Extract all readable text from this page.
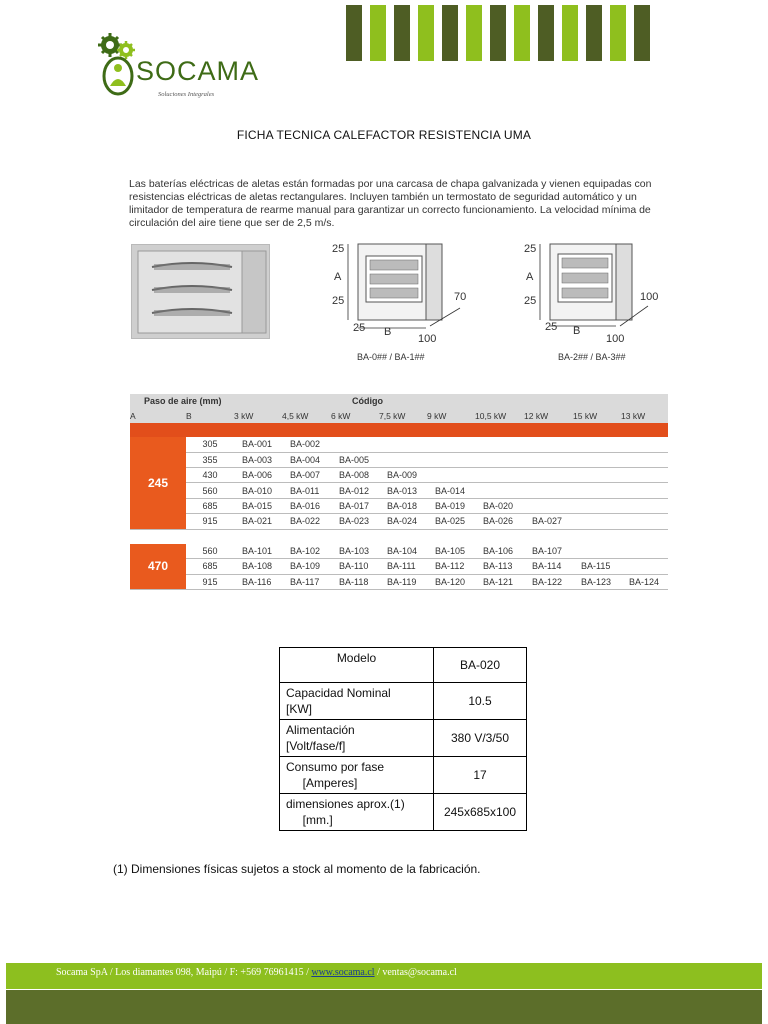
SOCAMA
Soluciones Integrales
FICHA TECNICA CALEFACTOR RESISTENCIA UMA
Las baterías eléctricas de aletas están formadas por una carcasa de chapa galvanizada y vienen equipadas con resistencias eléctricas de aletas rectangulares. Incluyen también un termostato de seguridad automático y un limitador de temperatura de rearme manual para garantizar un correcto funcionamiento. La velocidad mínima de circulación del aire tiene que ser de 2,5 m/s.
25
A
25
25 B
70
100
BA-0## / BA-1##
25
A
25
25 B
100
100
BA-2## / BA-3##
Paso de aire (mm)			Código							
A	B	3 kW	4,5 kW	6 kW	7,5 kW	9 kW	10,5 kW	12 kW	15 kW	13 kW

245	305	BA-001	BA-002							
	355	BA-003	BA-004	BA-005						
	430	BA-006	BA-007	BA-008	BA-009					
	560	BA-010	BA-011	BA-012	BA-013	BA-014				
	685	BA-015	BA-016	BA-017	BA-018	BA-019	BA-020			
	915	BA-021	BA-022	BA-023	BA-024	BA-025	BA-026	BA-027		

470	560	BA-101	BA-102	BA-103	BA-104	BA-105	BA-106	BA-107		
	685	BA-108	BA-109	BA-110	BA-111	BA-112	BA-113	BA-114	BA-115	
	915	BA-116	BA-117	BA-118	BA-119	BA-120	BA-121	BA-122	BA-123	BA-124
Modelo	BA-020
Capacidad Nominal
[KW]	10.5
Alimentación
[Volt/fase/f]	380 V/3/50
Consumo por fase
[Amperes]	17
dimensiones aprox.(1)
[mm.]	245x685x100
(1) Dimensiones físicas sujetos a stock al momento de la fabricación.
Socama SpA / Los diamantes 098, Maipú / F: +569 76961415 / www.socama.cl / ventas@socama.cl
